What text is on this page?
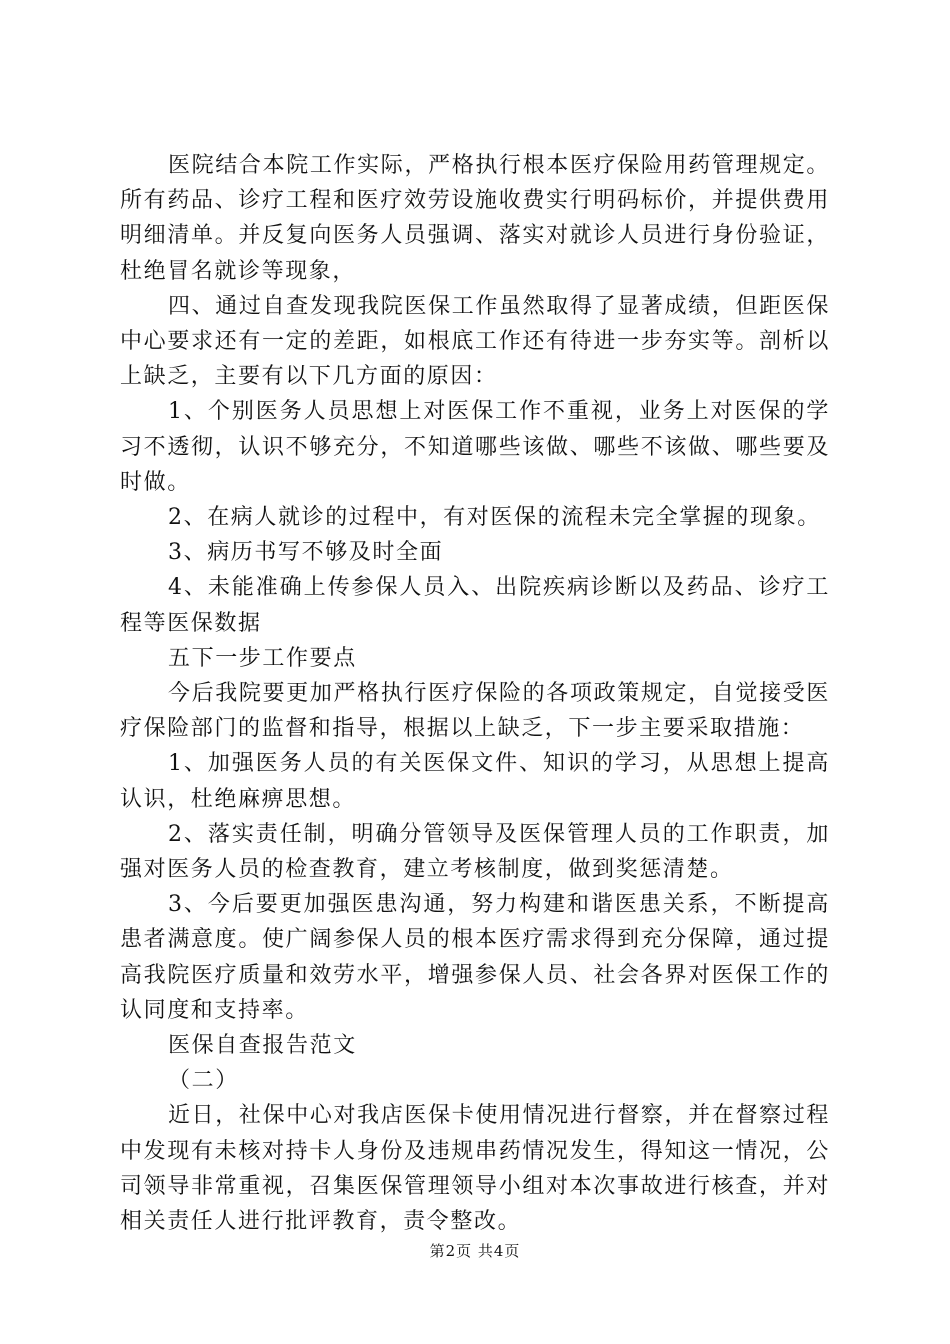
医院结合本院工作实际，严格执行根本医疗保险用药管理规定。所有药品、诊疗工程和医疗效劳设施收费实行明码标价，并提供费用明细清单。并反复向医务人员强调、落实对就诊人员进行身份验证，杜绝冒名就诊等现象，

四、通过自查发现我院医保工作虽然取得了显著成绩，但距医保中心要求还有一定的差距，如根底工作还有待进一步夯实等。剖析以上缺乏，主要有以下几方面的原因：

1、个别医务人员思想上对医保工作不重视，业务上对医保的学习不透彻，认识不够充分，不知道哪些该做、哪些不该做、哪些要及时做。

2、在病人就诊的过程中，有对医保的流程未完全掌握的现象。

3、病历书写不够及时全面

4、未能准确上传参保人员入、出院疾病诊断以及药品、诊疗工程等医保数据

五下一步工作要点

今后我院要更加严格执行医疗保险的各项政策规定，自觉接受医疗保险部门的监督和指导，根据以上缺乏，下一步主要采取措施：

1、加强医务人员的有关医保文件、知识的学习，从思想上提高认识，杜绝麻痹思想。

2、落实责任制，明确分管领导及医保管理人员的工作职责，加强对医务人员的检查教育，建立考核制度，做到奖惩清楚。

3、今后要更加强医患沟通，努力构建和谐医患关系，不断提高患者满意度。使广阔参保人员的根本医疗需求得到充分保障，通过提高我院医疗质量和效劳水平，增强参保人员、社会各界对医保工作的认同度和支持率。

医保自查报告范文

（二）

近日，社保中心对我店医保卡使用情况进行督察，并在督察过程中发现有未核对持卡人身份及违规串药情况发生，得知这一情况，公司领导非常重视，召集医保管理领导小组对本次事故进行核查，并对相关责任人进行批评教育，责令整改。

第2页 共4页
